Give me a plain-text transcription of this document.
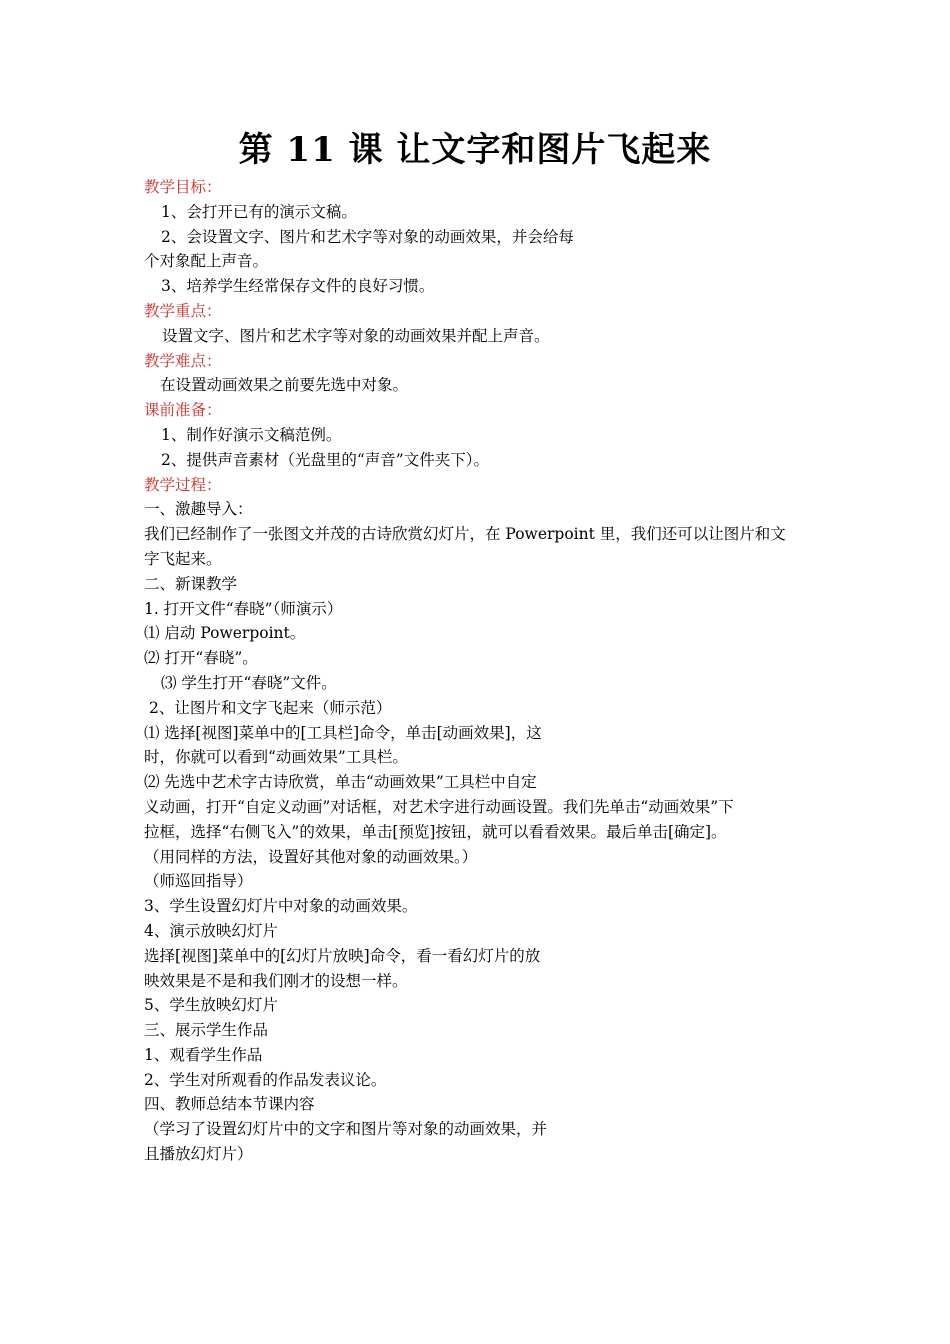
第 11 课 让文字和图片飞起来
教学目标：
1、会打开已有的演示文稿。
2、会设置文字、图片和艺术字等对象的动画效果，并会给每
个对象配上声音。
3、培养学生经常保存文件的良好习惯。
教学重点：
设置文字、图片和艺术字等对象的动画效果并配上声音。
教学难点：
在设置动画效果之前要先选中对象。
课前准备：
1、制作好演示文稿范例。
2、提供声音素材（光盘里的“声音”文件夹下）。
教学过程：
一、激趣导入：
我们已经制作了一张图文并茂的古诗欣赏幻灯片，在 Powerpoint 里，我们还可以让图片和文
字飞起来。
二、新课教学
1. 打开文件“春晓”（师演示）
⑴ 启动 Powerpoint。
⑵ 打开“春晓”。
⑶ 学生打开“春晓”文件。
2、让图片和文字飞起来（师示范）
⑴ 选择[视图]菜单中的[工具栏]命令，单击[动画效果]，这
时，你就可以看到“动画效果”工具栏。
⑵ 先选中艺术字古诗欣赏，单击“动画效果”工具栏中自定
义动画，打开“自定义动画”对话框，对艺术字进行动画设置。我们先单击“动画效果”下
拉框，选择“右侧飞入”的效果，单击[预览]按钮，就可以看看效果。最后单击[确定]。
（用同样的方法，设置好其他对象的动画效果。）
（师巡回指导）
3、学生设置幻灯片中对象的动画效果。
4、演示放映幻灯片
选择[视图]菜单中的[幻灯片放映]命令，看一看幻灯片的放
映效果是不是和我们刚才的设想一样。
5、学生放映幻灯片
三、展示学生作品
1、观看学生作品
2、学生对所观看的作品发表议论。
四、教师总结本节课内容
（学习了设置幻灯片中的文字和图片等对象的动画效果，并
且播放幻灯片）
